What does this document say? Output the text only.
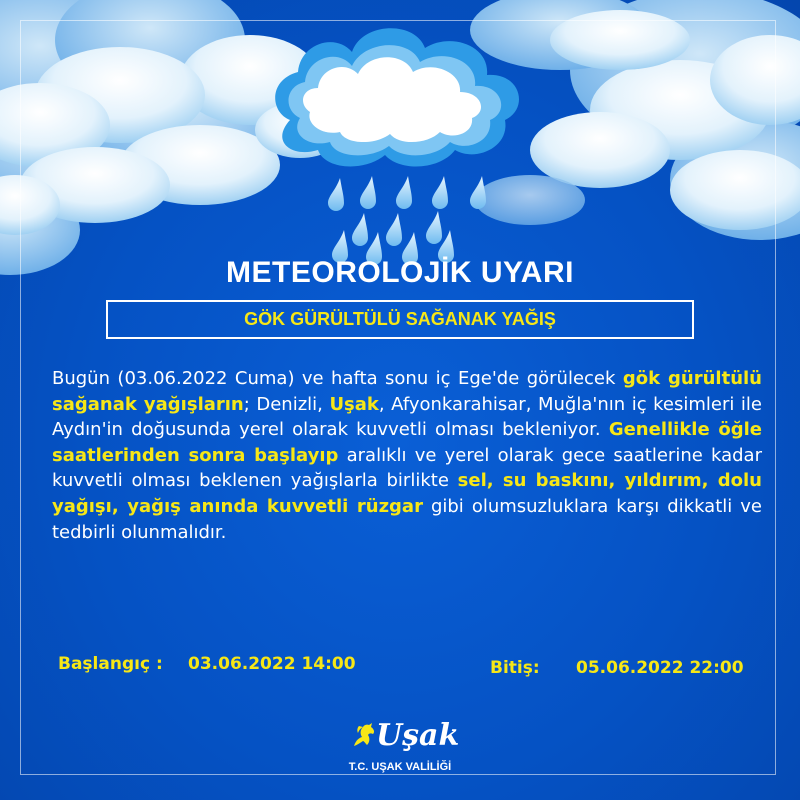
METEOROLOJİK UYARI
GÖK GÜRÜLTÜLÜ SAĞANAK YAĞIŞ
Bugün (03.06.2022 Cuma) ve hafta sonu iç Ege'de görülecek gök gürültülü sağanak yağışların; Denizli, Uşak, Afyonkarahisar, Muğla'nın iç kesimleri ile Aydın'in doğusunda yerel olarak kuvvetli olması bekleniyor. Genellikle öğle saatlerinden sonra başlayıp aralıklı ve yerel olarak gece saatlerine kadar kuvvetli olması beklenen yağışlarla birlikte sel, su baskını, yıldırım, dolu yağışı, yağış anında kuvvetli rüzgar gibi olumsuzluklara karşı dikkatli ve tedbirli olunmalıdır.
Başlangıç : 03.06.2022 14:00	Bitiş: 05.06.2022 22:00
Uşak
T.C. UŞAK VALİLİĞİ
